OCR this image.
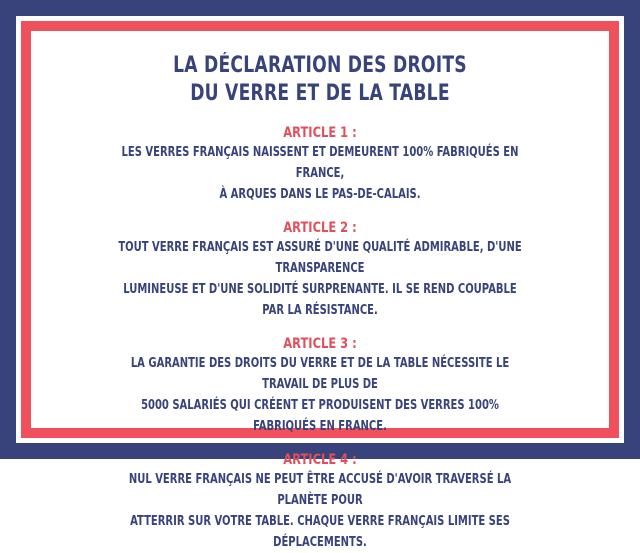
LA DÉCLARATION DES DROITS
DU VERRE ET DE LA TABLE

ARTICLE 1 :

LES VERRES FRANÇAIS NAISSENT ET DEMEURENT 100% FABRIQUÉS EN FRANCE,
À ARQUES DANS LE PAS-DE-CALAIS.

ARTICLE 2 :

TOUT VERRE FRANÇAIS EST ASSURÉ D'UNE QUALITÉ ADMIRABLE, D'UNE TRANSPARENCE
LUMINEUSE ET D'UNE SOLIDITÉ SURPRENANTE. IL SE REND COUPABLE PAR LA RÉSISTANCE.

ARTICLE 3 :

LA GARANTIE DES DROITS DU VERRE ET DE LA TABLE NÉCESSITE LE TRAVAIL DE PLUS DE
5000 SALARIÉS QUI CRÉENT ET PRODUISENT DES VERRES 100% FABRIQUÉS EN FRANCE.

ARTICLE 4 :

NUL VERRE FRANÇAIS NE PEUT ÊTRE ACCUSÉ D'AVOIR TRAVERSÉ LA PLANÈTE POUR
ATTERRIR SUR VOTRE TABLE. CHAQUE VERRE FRANÇAIS LIMITE SES DÉPLACEMENTS.
